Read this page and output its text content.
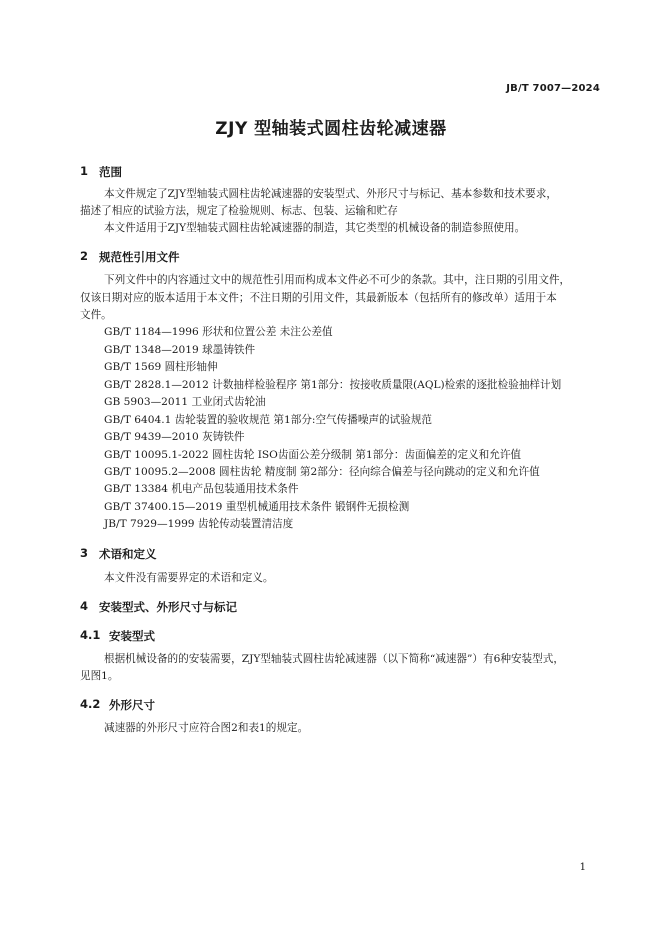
JB/T 7007—2024
ZJY 型轴装式圆柱齿轮减速器
1 范围
本文件规定了ZJY型轴装式圆柱齿轮减速器的安装型式、外形尺寸与标记、基本参数和技术要求，
描述了相应的试验方法，规定了检验规则、标志、包装、运输和贮存
本文件适用于ZJY型轴装式圆柱齿轮减速器的制造，其它类型的机械设备的制造参照使用。
2 规范性引用文件
下列文件中的内容通过文中的规范性引用而构成本文件必不可少的条款。其中，注日期的引用文件，
仅该日期对应的版本适用于本文件；不注日期的引用文件，其最新版本（包括所有的修改单）适用于本
文件。
GB/T 1184—1996 形状和位置公差 未注公差值
GB/T 1348—2019 球墨铸铁件
GB/T 1569 圆柱形轴伸
GB/T 2828.1—2012 计数抽样检验程序 第1部分：按接收质量限(AQL)检索的逐批检验抽样计划
GB 5903—2011 工业闭式齿轮油
GB/T 6404.1 齿轮装置的验收规范 第1部分:空气传播噪声的试验规范
GB/T 9439—2010 灰铸铁件
GB/T 10095.1-2022 圆柱齿轮 ISO齿面公差分级制 第1部分：齿面偏差的定义和允许值
GB/T 10095.2—2008 圆柱齿轮 精度制 第2部分：径向综合偏差与径向跳动的定义和允许值
GB/T 13384 机电产品包装通用技术条件
GB/T 37400.15—2019 重型机械通用技术条件 锻钢件无损检测
JB/T 7929—1999 齿轮传动装置清洁度
3 术语和定义
本文件没有需要界定的术语和定义。
4 安装型式、外形尺寸与标记
4.1 安装型式
根据机械设备的的安装需要，ZJY型轴装式圆柱齿轮减速器（以下简称“减速器”）有6种安装型式，
见图1。
4.2 外形尺寸
减速器的外形尺寸应符合图2和表1的规定。
1
